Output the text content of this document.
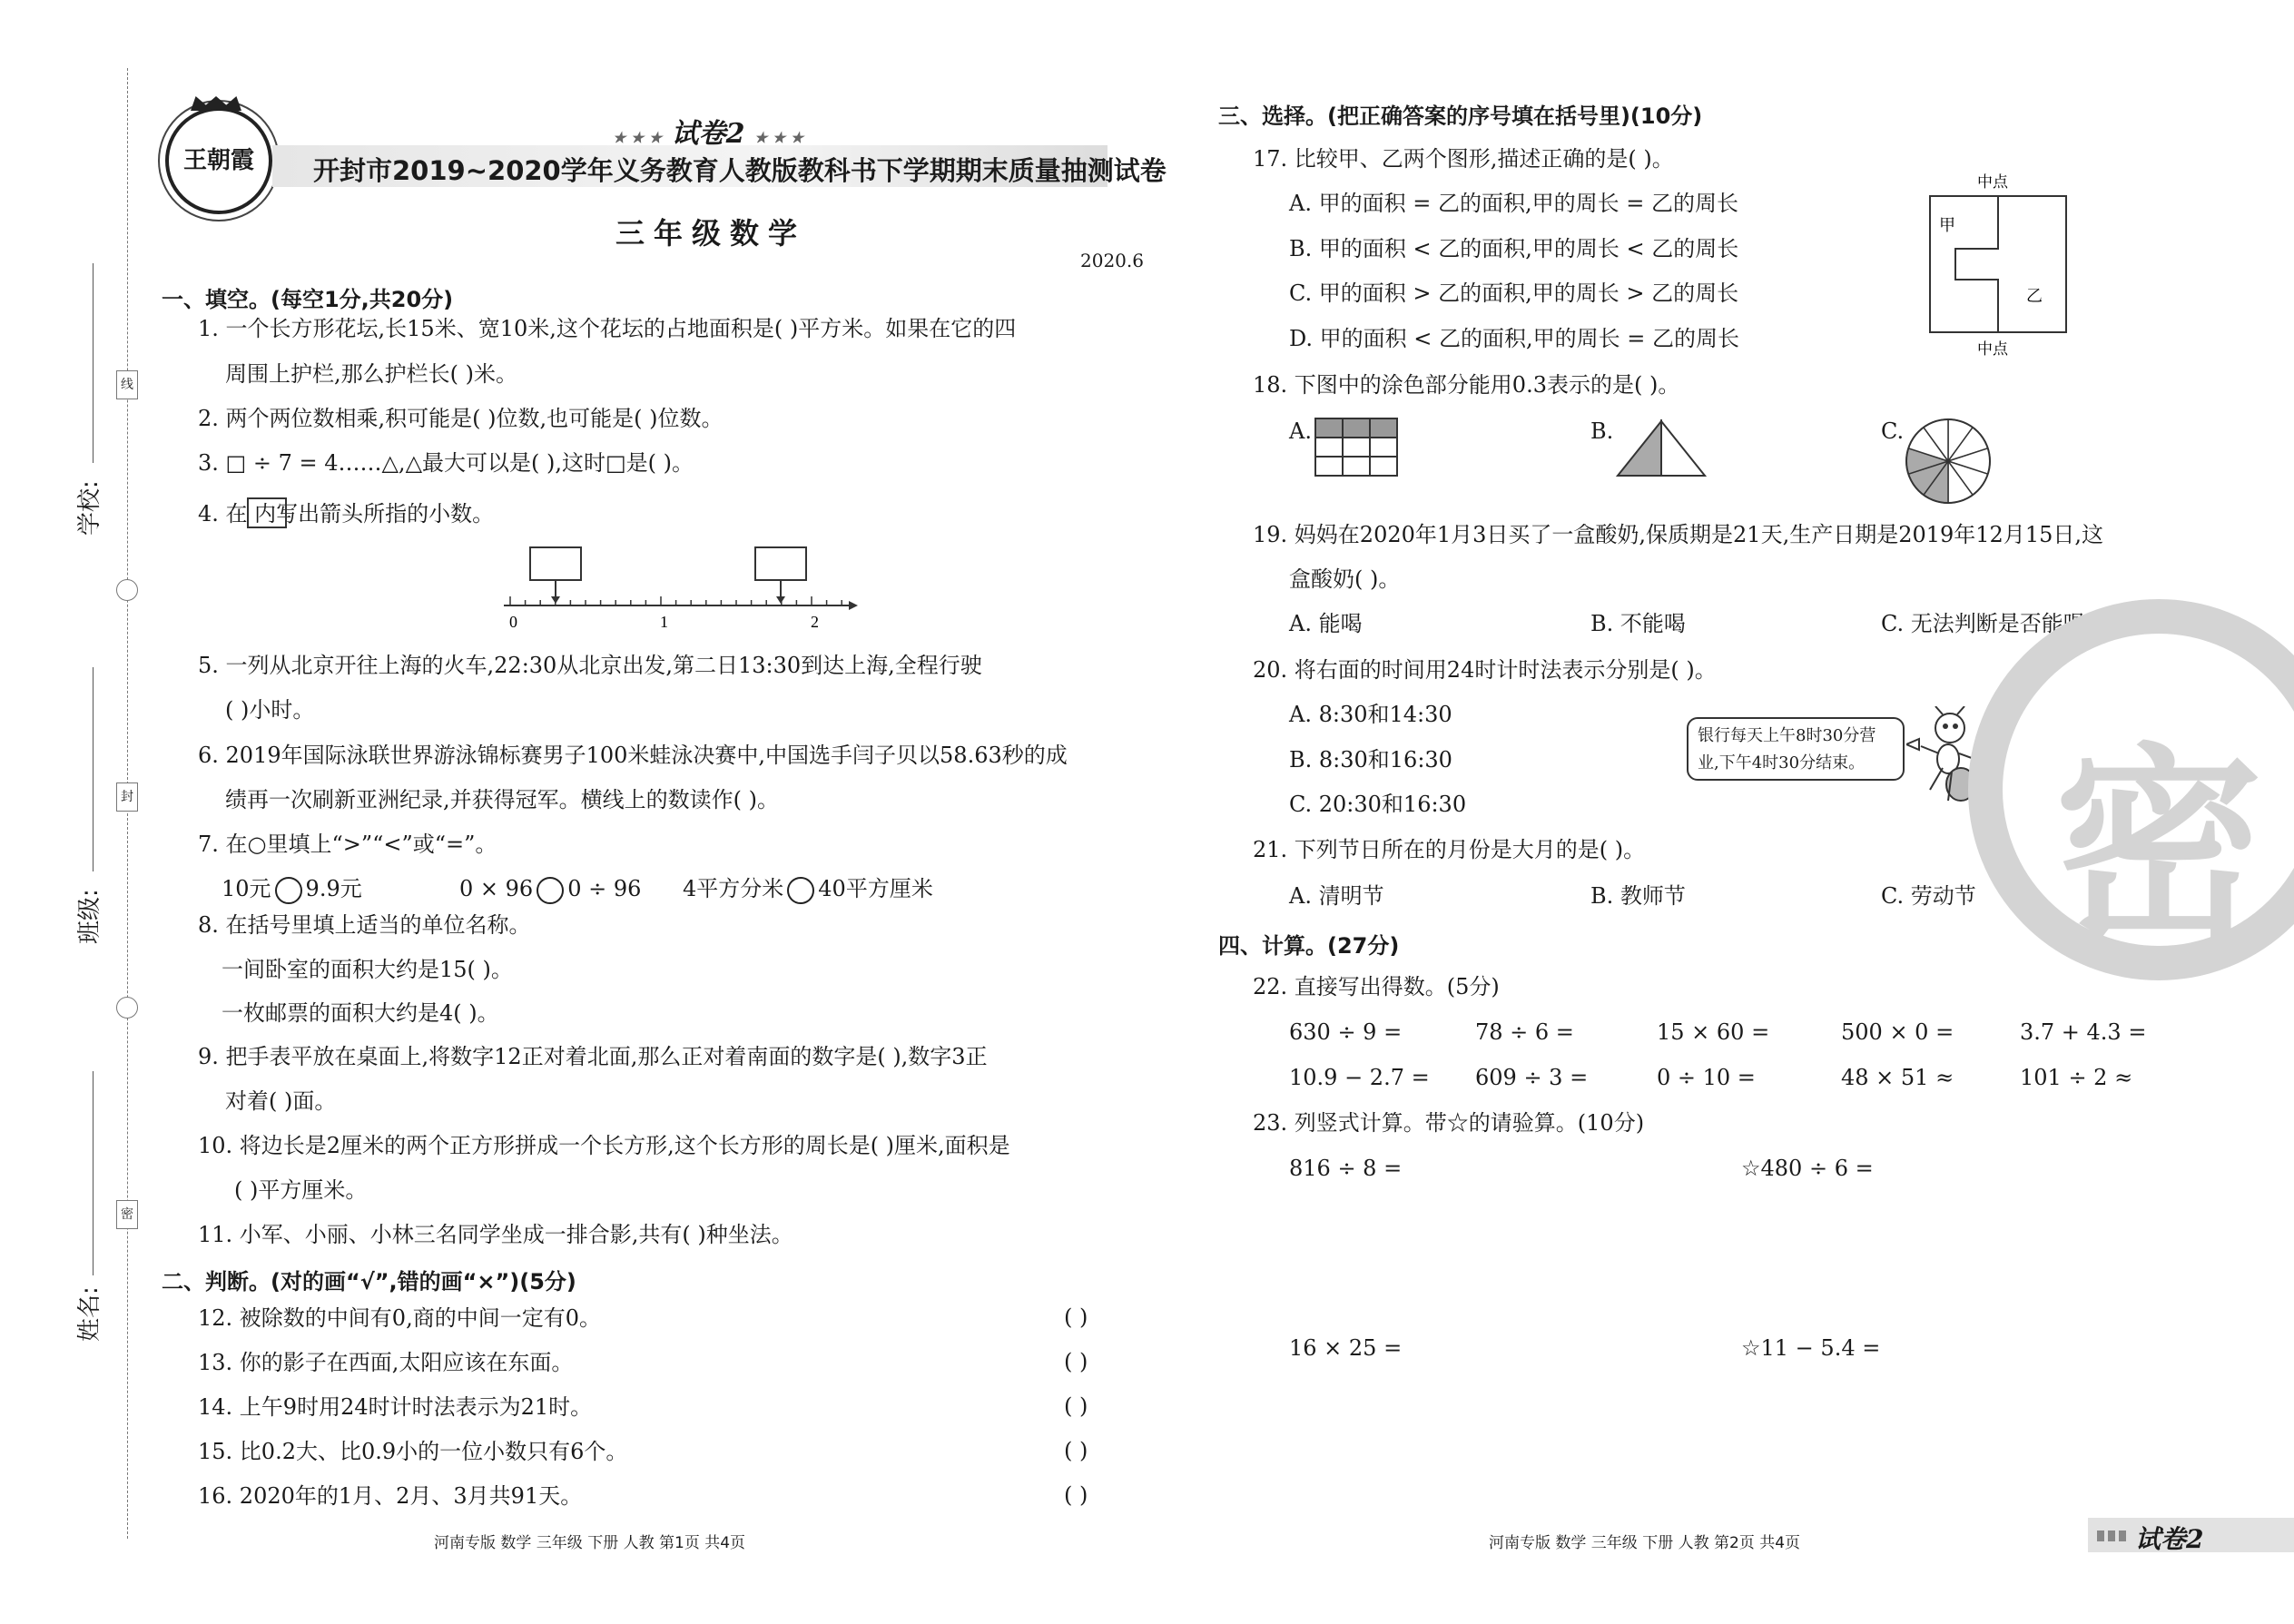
线
封
密
学校:
班级:
姓名:
王朝霞
★ ★ ★ 试卷2 ★ ★ ★
开封市2019~2020学年义务教育人教版教科书下学期期末质量抽测试卷
三年级数学
2020.6
一、填空。(每空1分,共20分)
1. 一个长方形花坛,长15米、宽10米,这个花坛的占地面积是( )平方米。如果在它的四
周围上护栏,那么护栏长( )米。
2. 两个两位数相乘,积可能是( )位数,也可能是( )位数。
3. □ ÷ 7 = 4……△,△最大可以是( ),这时□是( )。
4. 在 内写出箭头所指的小数。
0	1	2
5. 一列从北京开往上海的火车,22:30从北京出发,第二日13:30到达上海,全程行驶
( )小时。
6. 2019年国际泳联世界游泳锦标赛男子100米蛙泳决赛中,中国选手闫子贝以58.63秒的成
绩再一次刷新亚洲纪录,并获得冠军。横线上的数读作( )。
7. 在○里填上“>”“<”或“=”。
10元 9.9元	0 × 96 0 ÷ 96 4平方分米 40平方厘米
8. 在括号里填上适当的单位名称。
一间卧室的面积大约是15( )。
一枚邮票的面积大约是4( )。
9. 把手表平放在桌面上,将数字12正对着北面,那么正对着南面的数字是( ),数字3正
对着( )面。
10. 将边长是2厘米的两个正方形拼成一个长方形,这个长方形的周长是( )厘米,面积是
( )平方厘米。
11. 小军、小丽、小林三名同学坐成一排合影,共有( )种坐法。
二、判断。(对的画“√”,错的画“×”)(5分)
12. 被除数的中间有0,商的中间一定有0。	( )
13. 你的影子在西面,太阳应该在东面。	( )
14. 上午9时用24时计时法表示为21时。	( )
15. 比0.2大、比0.9小的一位小数只有6个。	( )
16. 2020年的1月、2月、3月共91天。	( )
三、选择。(把正确答案的序号填在括号里)(10分)
17. 比较甲、乙两个图形,描述正确的是( )。
A. 甲的面积 = 乙的面积,甲的周长 = 乙的周长
B. 甲的面积 < 乙的面积,甲的周长 < 乙的周长
C. 甲的面积 > 乙的面积,甲的周长 > 乙的周长
D. 甲的面积 < 乙的面积,甲的周长 = 乙的周长
中点
甲
乙
中点
18. 下图中的涂色部分能用0.3表示的是( )。
A.	B.	C.
19. 妈妈在2020年1月3日买了一盒酸奶,保质期是21天,生产日期是2019年12月15日,这
盒酸奶( )。
A. 能喝	B. 不能喝	C. 无法判断是否能喝
20. 将右面的时间用24时计时法表示分别是( )。
A. 8:30和14:30
B. 8:30和16:30
C. 20:30和16:30
银行每天上午8时30分营
业,下午4时30分结束。
21. 下列节日所在的月份是大月的是( )。
A. 清明节	B. 教师节	C. 劳动节
四、计算。(27分)
22. 直接写出得数。(5分)
630 ÷ 9 =	78 ÷ 6 =	15 × 60 =	500 × 0 =	3.7 + 4.3 =
10.9 − 2.7 = 609 ÷ 3 =	0 ÷ 10 =	48 × 51 ≈	101 ÷ 2 ≈
23. 列竖式计算。带☆的请验算。(10分)
816 ÷ 8 =	☆480 ÷ 6 =
16 × 25 =	☆11 − 5.4 =
密
河南专版 数学 三年级 下册 人教 第1页 共4页	河南专版 数学 三年级 下册 人教 第2页 共4页	试卷2
